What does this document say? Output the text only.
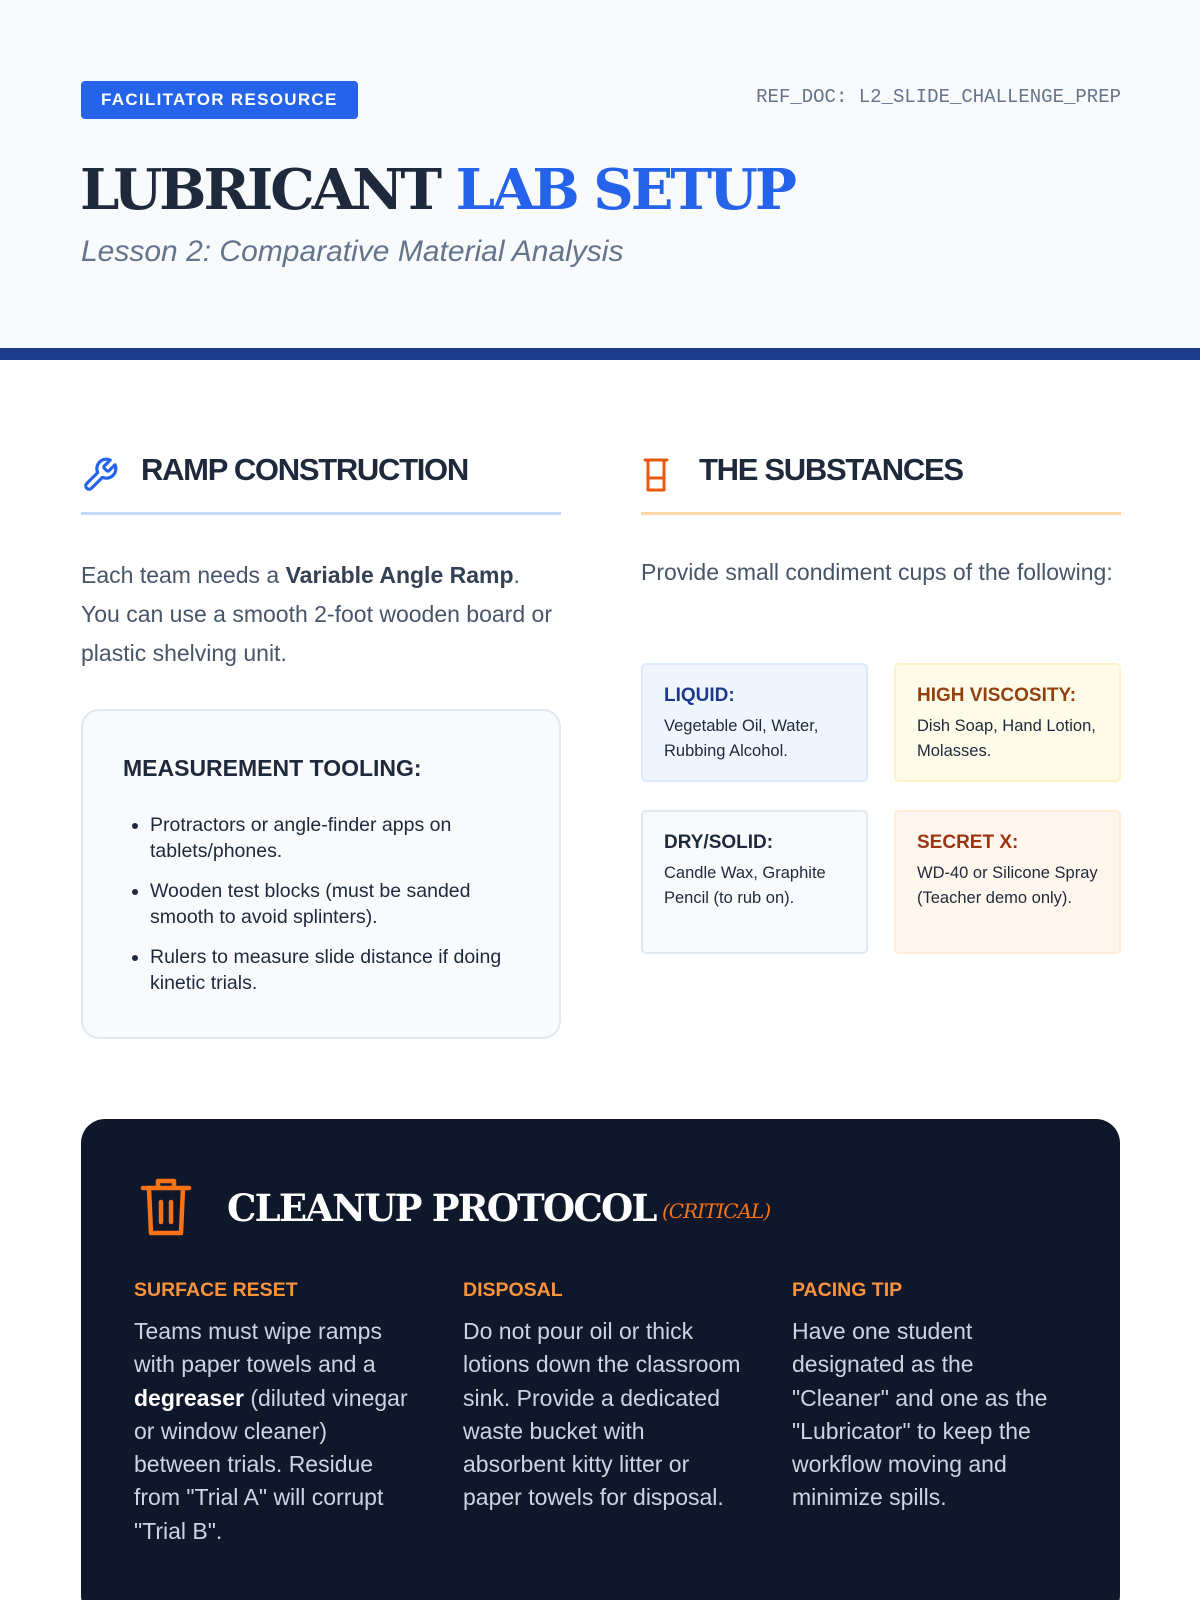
FACILITATOR RESOURCE	REF_DOC: L2_SLIDE_CHALLENGE_PREP
LUBRICANT LAB SETUP
Lesson 2: Comparative Material Analysis
RAMP CONSTRUCTION

Each team needs a Variable Angle Ramp. You can use a smooth 2-foot wooden board or plastic shelving unit.

MEASUREMENT TOOLING:
• Protractors or angle-finder apps on tablets/phones.
• Wooden test blocks (must be sanded smooth to avoid splinters).
• Rulers to measure slide distance if doing kinetic trials.
THE SUBSTANCES

Provide small condiment cups of the following:

LIQUID:
Vegetable Oil, Water, Rubbing Alcohol.
HIGH VISCOSITY:
Dish Soap, Hand Lotion, Molasses.
DRY/SOLID:
Candle Wax, Graphite Pencil (to rub on).
SECRET X:
WD-40 or Silicone Spray (Teacher demo only).
CLEANUP PROTOCOL (CRITICAL)
SURFACE RESET

Teams must wipe ramps with paper towels and a degreaser (diluted vinegar or window cleaner) between trials. Residue from "Trial A" will corrupt "Trial B".

DISPOSAL

Do not pour oil or thick lotions down the classroom sink. Provide a dedicated waste bucket with absorbent kitty litter or paper towels for disposal.

PACING TIP

Have one student designated as the "Cleaner" and one as the "Lubricator" to keep the workflow moving and minimize spills.
